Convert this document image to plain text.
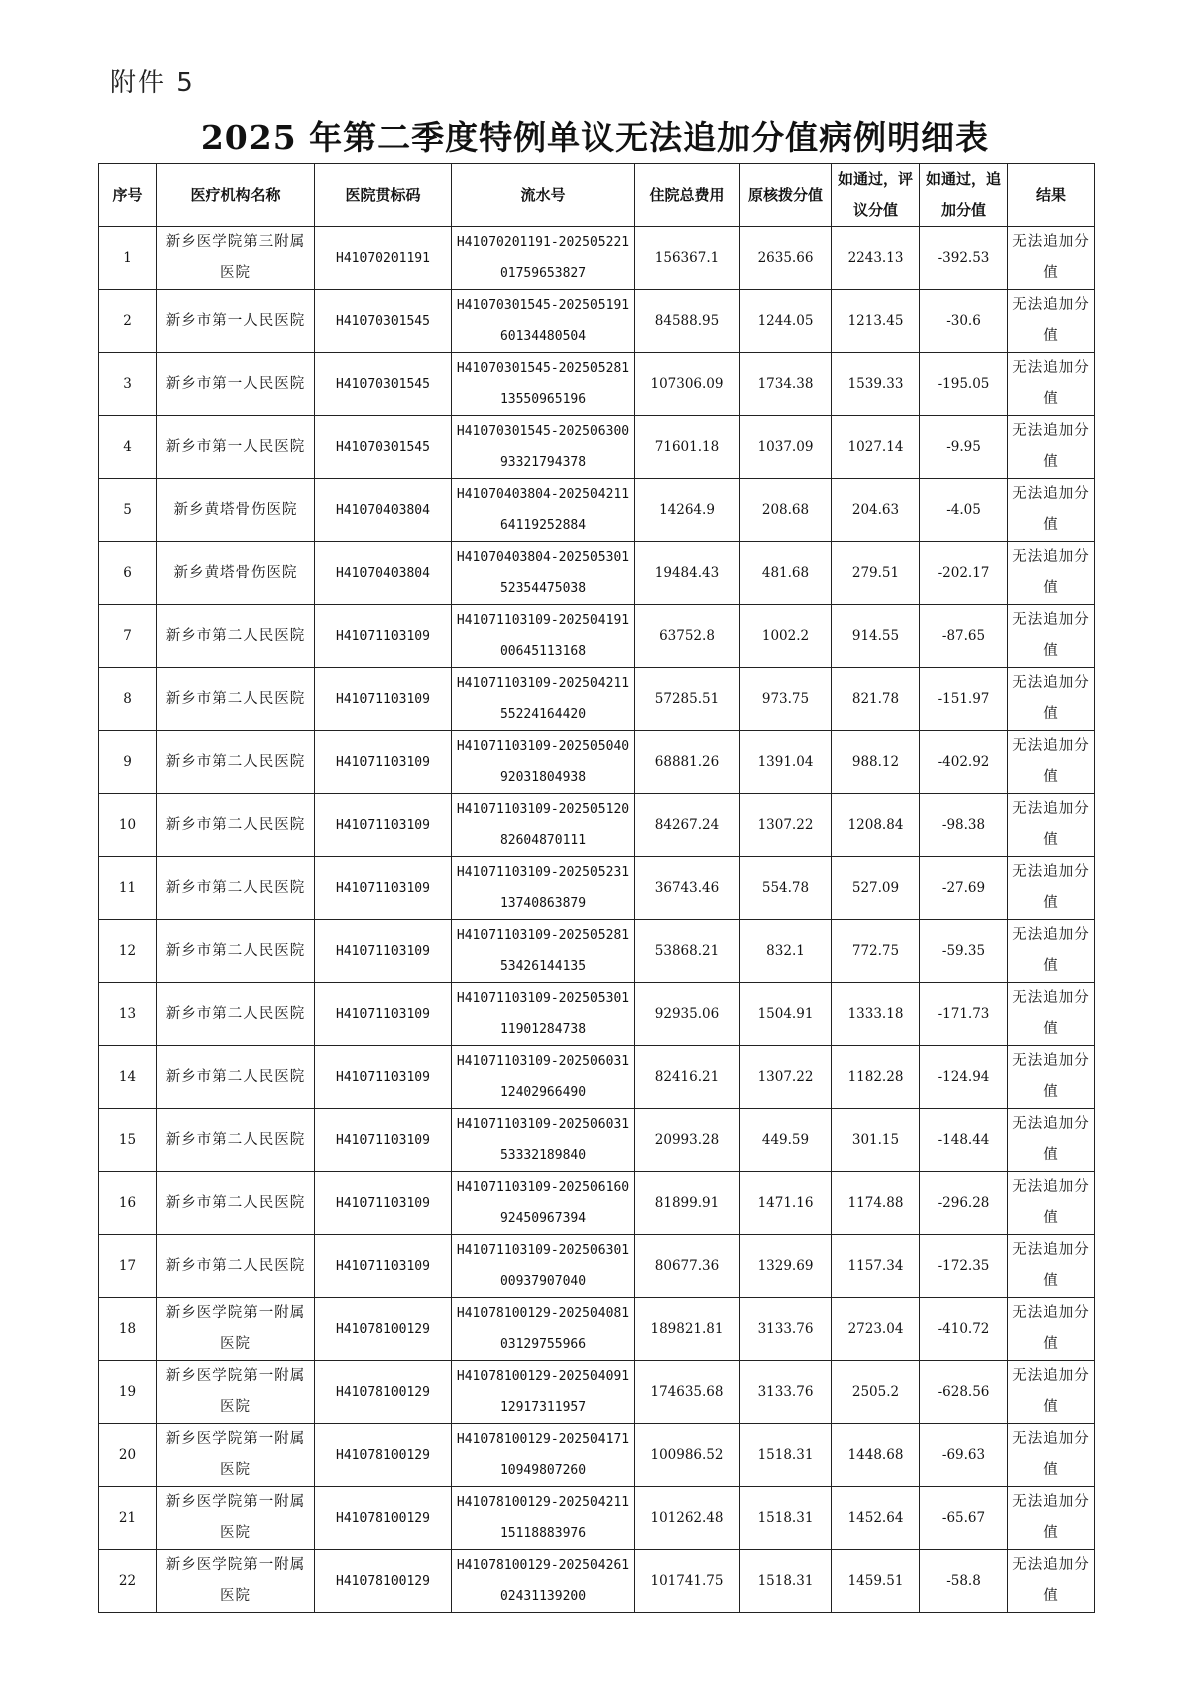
附件 5
2025 年第二季度特例单议无法追加分值病例明细表
序号	医疗机构名称	医院贯标码	流水号	住院总费用	原核拨分值	如通过，评议分值	如通过，追加分值	结果

1	新乡医学院第三附属医院	H41070201191	H41070201191-20250522101759653827	156367.1	2635.66	2243.13	-392.53	无法追加分值

2	新乡市第一人民医院	H41070301545	H41070301545-20250519160134480504	84588.95	1244.05	1213.45	-30.6	无法追加分值

3	新乡市第一人民医院	H41070301545	H41070301545-20250528113550965196	107306.09	1734.38	1539.33	-195.05	无法追加分值

4	新乡市第一人民医院	H41070301545	H41070301545-20250630093321794378	71601.18	1037.09	1027.14	-9.95	无法追加分值

5	新乡黄塔骨伤医院	H41070403804	H41070403804-20250421164119252884	14264.9	208.68	204.63	-4.05	无法追加分值

6	新乡黄塔骨伤医院	H41070403804	H41070403804-20250530152354475038	19484.43	481.68	279.51	-202.17	无法追加分值

7	新乡市第二人民医院	H41071103109	H41071103109-20250419100645113168	63752.8	1002.2	914.55	-87.65	无法追加分值

8	新乡市第二人民医院	H41071103109	H41071103109-20250421155224164420	57285.51	973.75	821.78	-151.97	无法追加分值

9	新乡市第二人民医院	H41071103109	H41071103109-20250504092031804938	68881.26	1391.04	988.12	-402.92	无法追加分值

10	新乡市第二人民医院	H41071103109	H41071103109-20250512082604870111	84267.24	1307.22	1208.84	-98.38	无法追加分值

11	新乡市第二人民医院	H41071103109	H41071103109-20250523113740863879	36743.46	554.78	527.09	-27.69	无法追加分值

12	新乡市第二人民医院	H41071103109	H41071103109-20250528153426144135	53868.21	832.1	772.75	-59.35	无法追加分值

13	新乡市第二人民医院	H41071103109	H41071103109-20250530111901284738	92935.06	1504.91	1333.18	-171.73	无法追加分值

14	新乡市第二人民医院	H41071103109	H41071103109-20250603112402966490	82416.21	1307.22	1182.28	-124.94	无法追加分值

15	新乡市第二人民医院	H41071103109	H41071103109-20250603153332189840	20993.28	449.59	301.15	-148.44	无法追加分值

16	新乡市第二人民医院	H41071103109	H41071103109-20250616092450967394	81899.91	1471.16	1174.88	-296.28	无法追加分值

17	新乡市第二人民医院	H41071103109	H41071103109-20250630100937907040	80677.36	1329.69	1157.34	-172.35	无法追加分值

18	新乡医学院第一附属医院	H41078100129	H41078100129-20250408103129755966	189821.81	3133.76	2723.04	-410.72	无法追加分值

19	新乡医学院第一附属医院	H41078100129	H41078100129-20250409112917311957	174635.68	3133.76	2505.2	-628.56	无法追加分值

20	新乡医学院第一附属医院	H41078100129	H41078100129-20250417110949807260	100986.52	1518.31	1448.68	-69.63	无法追加分值

21	新乡医学院第一附属医院	H41078100129	H41078100129-20250421115118883976	101262.48	1518.31	1452.64	-65.67	无法追加分值

22	新乡医学院第一附属医院	H41078100129	H41078100129-20250426102431139200	101741.75	1518.31	1459.51	-58.8	无法追加分值
